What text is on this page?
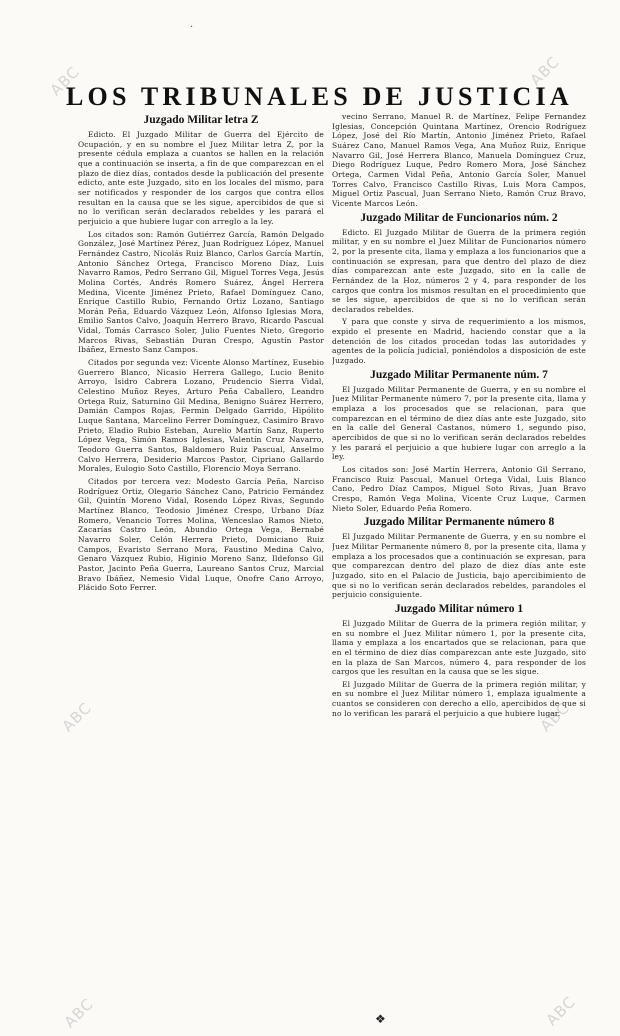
ABC	ABC
ABC	ABC
ABC	ABC
·
LOS TRIBUNALES DE JUSTICIA
Juzgado Militar letra Z

Edicto. El Juzgado Militar de Guerra del Ejército de Ocupación, y en su nombre el Juez Militar letra Z, por la presente cédula emplaza a cuantos se hallen en la relación que a continuación se inserta, a fin de que comparezcan en el plazo de diez días, contados desde la publicación del presente edicto, ante este Juzgado, sito en los locales del mismo, para ser notificados y responder de los cargos que contra ellos resultan en la causa que se les sigue, apercibidos de que si no lo verifican serán declarados rebeldes y les parará el perjuicio a que hubiere lugar con arreglo a la ley.

Los citados son: Ramón Gutiérrez García, Ramón Delgado González, José Martínez Pérez, Juan Rodríguez López, Manuel Fernández Castro, Nicolás Ruiz Blanco, Carlos García Martín, Antonio Sánchez Ortega, Francisco Moreno Díaz, Luis Navarro Ramos, Pedro Serrano Gil, Miguel Torres Vega, Jesús Molina Cortés, Andrés Romero Suárez, Ángel Herrera Medina, Vicente Jiménez Prieto, Rafael Domínguez Cano, Enrique Castillo Rubio, Fernando Ortiz Lozano, Santiago Morán Peña, Eduardo Vázquez León, Alfonso Iglesias Mora, Emilio Santos Calvo, Joaquín Herrero Bravo, Ricardo Pascual Vidal, Tomás Carrasco Soler, Julio Fuentes Nieto, Gregorio Marcos Rivas, Sebastián Duran Crespo, Agustín Pastor Ibáñez, Ernesto Sanz Campos.

Citados por segunda vez: Vicente Alonso Martínez, Eusebio Guerrero Blanco, Nicasio Herrera Gallego, Lucio Benito Arroyo, Isidro Cabrera Lozano, Prudencio Sierra Vidal, Celestino Muñoz Reyes, Arturo Peña Caballero, Leandro Ortega Ruiz, Saturnino Gil Medina, Benigno Suárez Herrero, Damián Campos Rojas, Fermin Delgado Garrido, Hipólito Luque Santana, Marcelino Ferrer Domínguez, Casimiro Bravo Prieto, Eladio Rubio Esteban, Aurelio Martín Sanz, Ruperto López Vega, Simón Ramos Iglesias, Valentín Cruz Navarro, Teodoro Guerra Santos, Baldomero Ruiz Pascual, Anselmo Calvo Herrera, Desiderio Marcos Pastor, Cipriano Gallardo Morales, Eulogio Soto Castillo, Florencio Moya Serrano.

Citados por tercera vez: Modesto García Peña, Narciso Rodríguez Ortiz, Olegario Sánchez Cano, Patricio Fernández Gil, Quintín Moreno Vidal, Rosendo López Rivas, Segundo Martínez Blanco, Teodosio Jiménez Crespo, Urbano Díaz Romero, Venancio Torres Molina, Wenceslao Ramos Nieto, Zacarías Castro León, Abundio Ortega Vega, Bernabé Navarro Soler, Celón Herrera Prieto, Domiciano Ruiz Campos, Evaristo Serrano Mora, Faustino Medina Calvo, Genaro Vázquez Rubio, Higinio Moreno Sanz, Ildefonso Gil Pastor, Jacinto Peña Guerra, Laureano Santos Cruz, Marcial Bravo Ibáñez, Nemesio Vidal Luque, Onofre Cano Arroyo, Plácido Soto Ferrer.

vecino Serrano, Manuel R. de Martínez, Felipe Fernandez Iglesias, Concepción Quintana Martínez, Orencio Rodríguez López, José del Río Martín, Antonio Jiménez Prieto, Rafael Suárez Cano, Manuel Ramos Vega, Ana Muñoz Ruiz, Enrique Navarro Gil, José Herrera Blanco, Manuela Domínguez Cruz, Diego Rodríguez Luque, Pedro Romero Mora, José Sánchez Ortega, Carmen Vidal Peña, Antonio García Soler, Manuel Torres Calvo, Francisco Castillo Rivas, Luis Mora Campos, Miguel Ortiz Pascual, Juan Serrano Nieto, Ramón Cruz Bravo, Vicente Marcos León.

Juzgado Militar de Funcionarios núm. 2

Edicto. El Juzgado Militar de Guerra de la primera región militar, y en su nombre el Juez Militar de Funcionarios número 2, por la presente cita, llama y emplaza a los funcionarios que a continuación se expresan, para que dentro del plazo de diez días comparezcan ante este Juzgado, sito en la calle de Fernández de la Hoz, números 2 y 4, para responder de los cargos que contra los mismos resultan en el procedimiento que se les sigue, apercibidos de que si no lo verifican serán declarados rebeldes.

Y para que conste y sirva de requerimiento a los mismos, expido el presente en Madrid, haciendo constar que a la detención de los citados procedan todas las autoridades y agentes de la policía judicial, poniéndolos a disposición de este Juzgado.

Juzgado Militar Permanente núm. 7

El Juzgado Militar Permanente de Guerra, y en su nombre el Juez Militar Permanente número 7, por la presente cita, llama y emplaza a los procesados que se relacionan, para que comparezcan en el término de diez días ante este Juzgado, sito en la calle del General Castanos, número 1, segundo piso, apercibidos de que si no lo verifican serán declarados rebeldes y les parará el perjuicio a que hubiere lugar con arreglo a la ley.

Los citados son: José Martín Herrera, Antonio Gil Serrano, Francisco Ruiz Pascual, Manuel Ortega Vidal, Luis Blanco Cano, Pedro Díaz Campos, Miguel Soto Rivas, Juan Bravo Crespo, Ramón Vega Molina, Vicente Cruz Luque, Carmen Nieto Soler, Eduardo Peña Romero.

Juzgado Militar Permanente número 8

El Juzgado Militar Permanente de Guerra, y en su nombre el Juez Militar Permanente número 8, por la presente cita, llama y emplaza a los procesados que a continuación se expresan, para que comparezcan dentro del plazo de diez días ante este Juzgado, sito en el Palacio de Justicia, bajo apercibimiento de que si no lo verifican serán declarados rebeldes, parandoles el perjuicio consiguiente.

Juzgado Militar número 1

El Juzgado Militar de Guerra de la primera región militar, y en su nombre el Juez Militar número 1, por la presente cita, llama y emplaza a los encartados que se relacionan, para que en el término de diez días comparezcan ante este Juzgado, sito en la plaza de San Marcos, número 4, para responder de los cargos que les resultan en la causa que se les sigue.

El Juzgado Militar de Guerra de la primera región militar, y en su nombre el Juez Militar número 1, emplaza igualmente a cuantos se consideren con derecho a ello, apercibidos de que si no lo verifican les parará el perjuicio a que hubiere lugar.

❖
